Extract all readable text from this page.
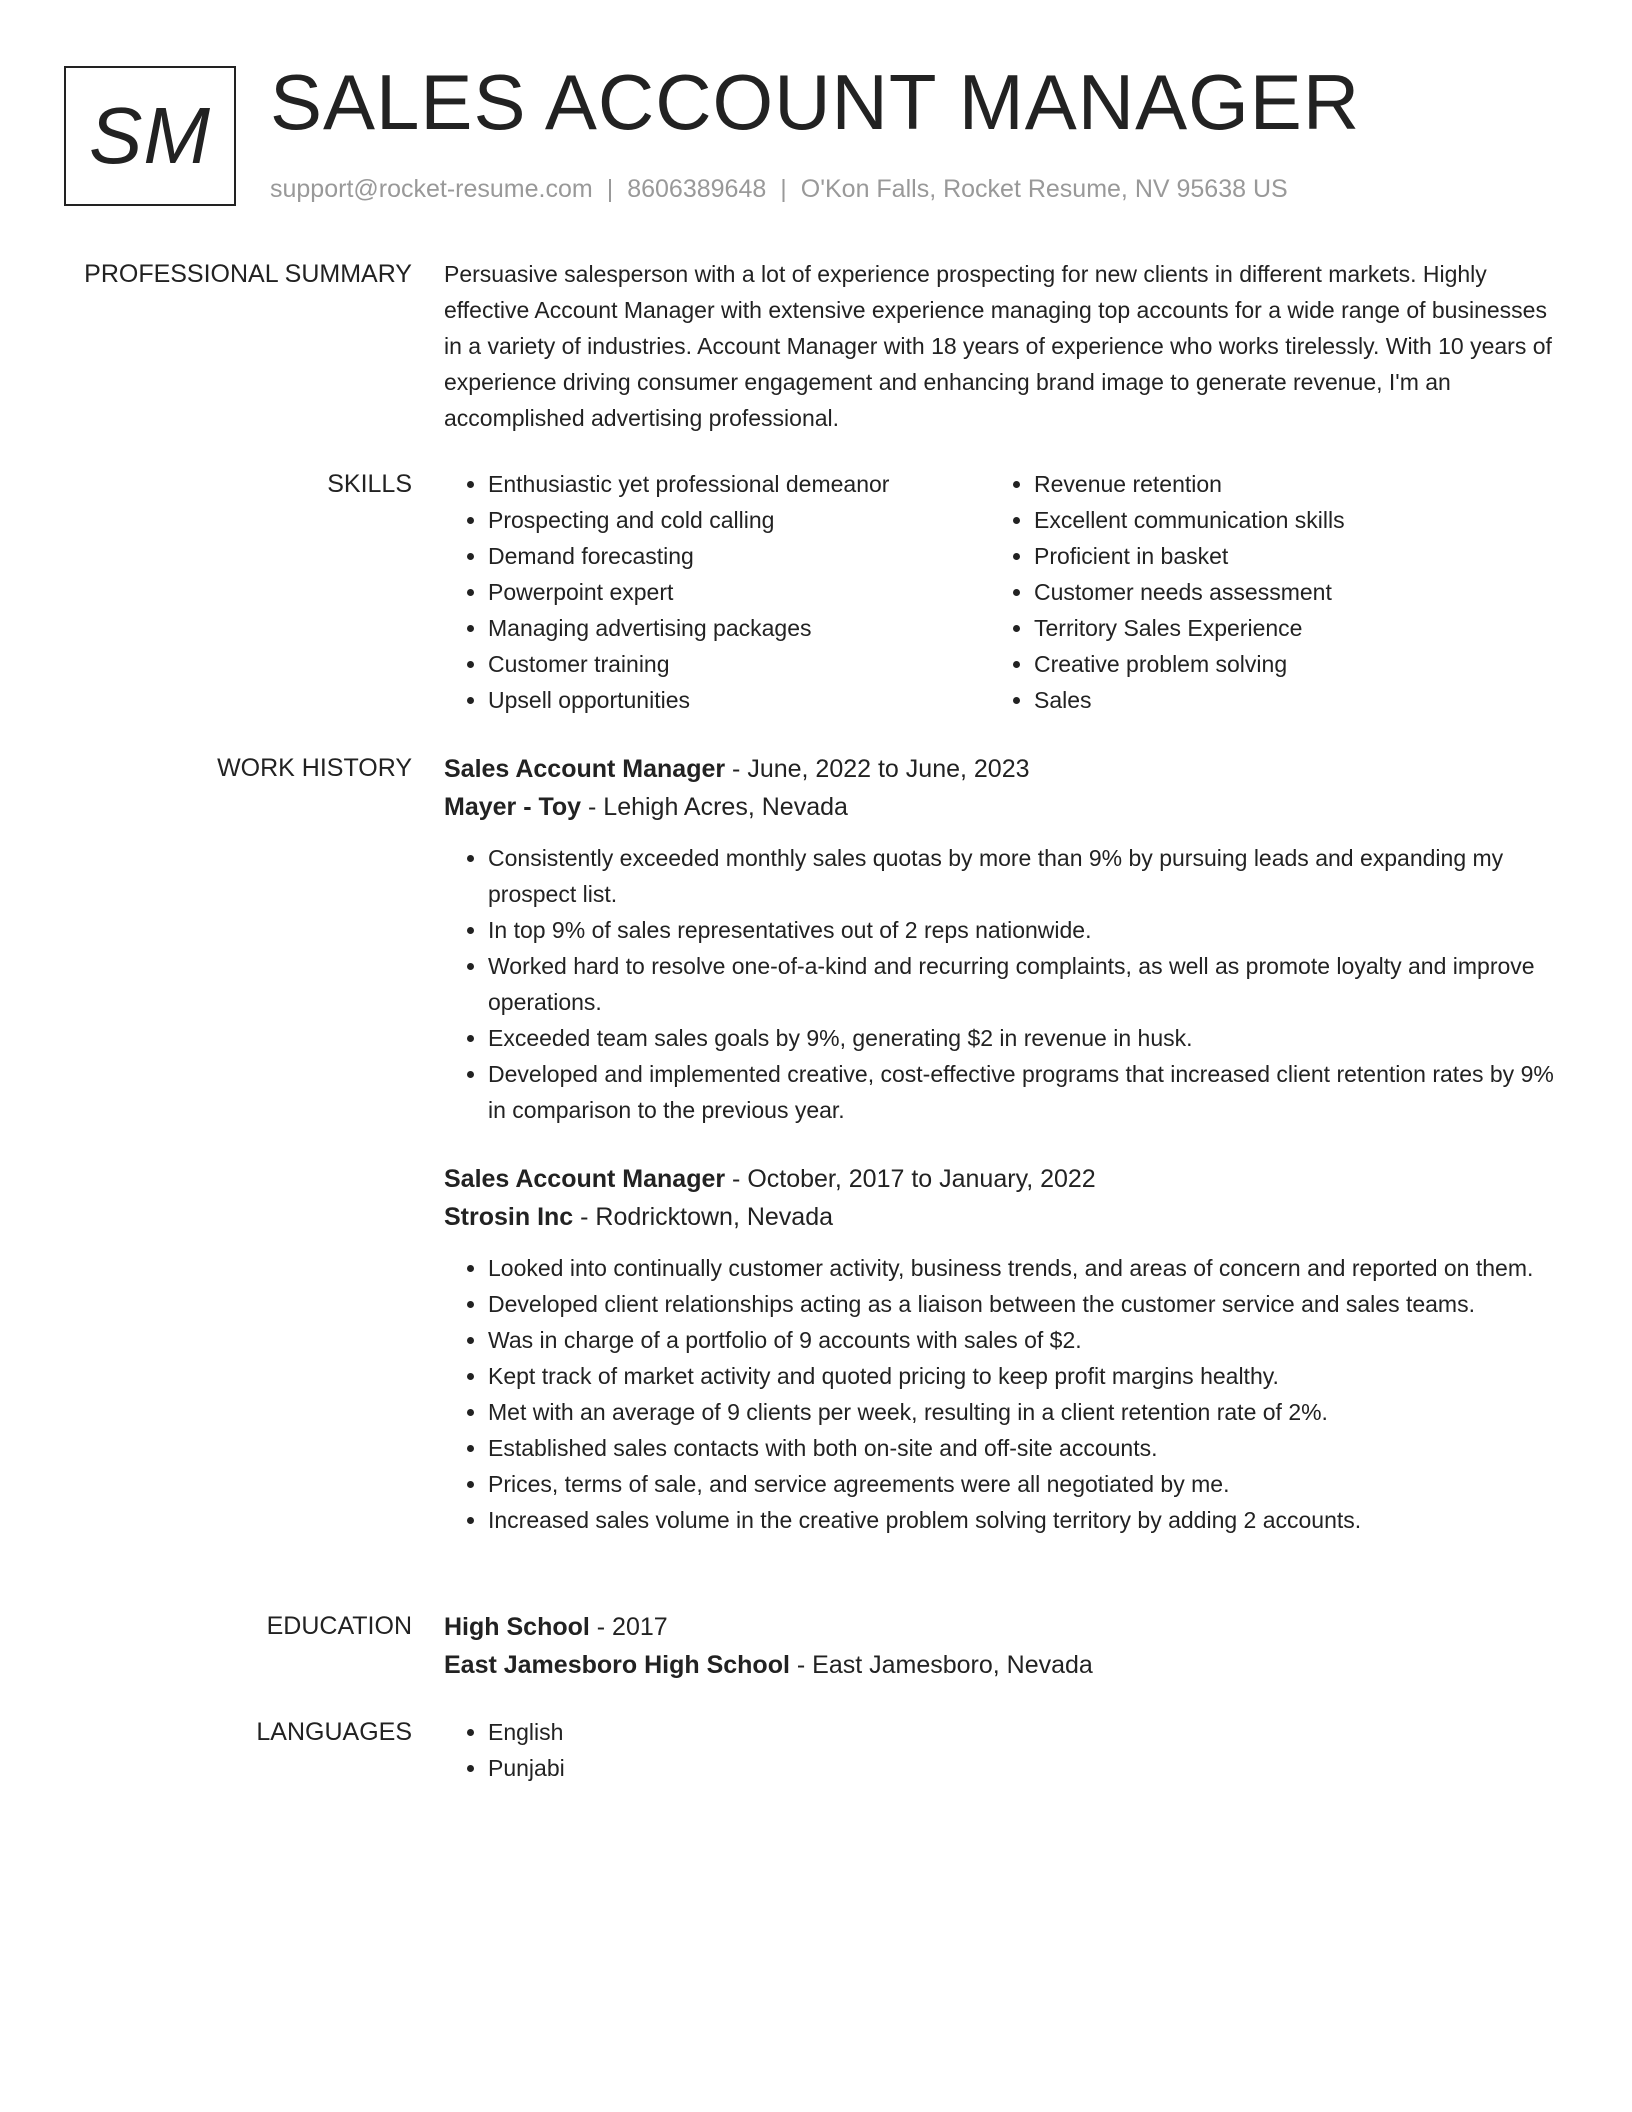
SM SALES ACCOUNT MANAGER
support@rocket-resume.com | 8606389648 | O'Kon Falls, Rocket Resume, NV 95638 US
PROFESSIONAL SUMMARY Persuasive salesperson with a lot of experience prospecting for new clients in different markets. Highly effective Account Manager with extensive experience managing top accounts for a wide range of businesses in a variety of industries. Account Manager with 18 years of experience who works tirelessly. With 10 years of experience driving consumer engagement and enhancing brand image to generate revenue, I'm an accomplished advertising professional.

SKILLS	• Enthusiastic yet professional demeanor
• Prospecting and cold calling
• Demand forecasting
• Powerpoint expert
• Managing advertising packages
• Customer training
• Upsell opportunities
• Revenue retention
• Excellent communication skills
• Proficient in basket
• Customer needs assessment
• Territory Sales Experience
• Creative problem solving
• Sales
WORK HISTORY Sales Account Manager - June, 2022 to June, 2023
Mayer - Toy - Lehigh Acres, Nevada
• Consistently exceeded monthly sales quotas by more than 9% by pursuing leads and expanding my prospect list.
• In top 9% of sales representatives out of 2 reps nationwide.
• Worked hard to resolve one-of-a-kind and recurring complaints, as well as promote loyalty and improve operations.
• Exceeded team sales goals by 9%, generating $2 in revenue in husk.
• Developed and implemented creative, cost-effective programs that increased client retention rates by 9% in comparison to the previous year.
Sales Account Manager - October, 2017 to January, 2022
Strosin Inc - Rodricktown, Nevada
• Looked into continually customer activity, business trends, and areas of concern and reported on them.
• Developed client relationships acting as a liaison between the customer service and sales teams.
• Was in charge of a portfolio of 9 accounts with sales of $2.
• Kept track of market activity and quoted pricing to keep profit margins healthy.
• Met with an average of 9 clients per week, resulting in a client retention rate of 2%.
• Established sales contacts with both on-site and off-site accounts.
• Prices, terms of sale, and service agreements were all negotiated by me.
• Increased sales volume in the creative problem solving territory by adding 2 accounts.
EDUCATION High School - 2017
East Jamesboro High School - East Jamesboro, Nevada
LANGUAGES	• English
• Punjabi
